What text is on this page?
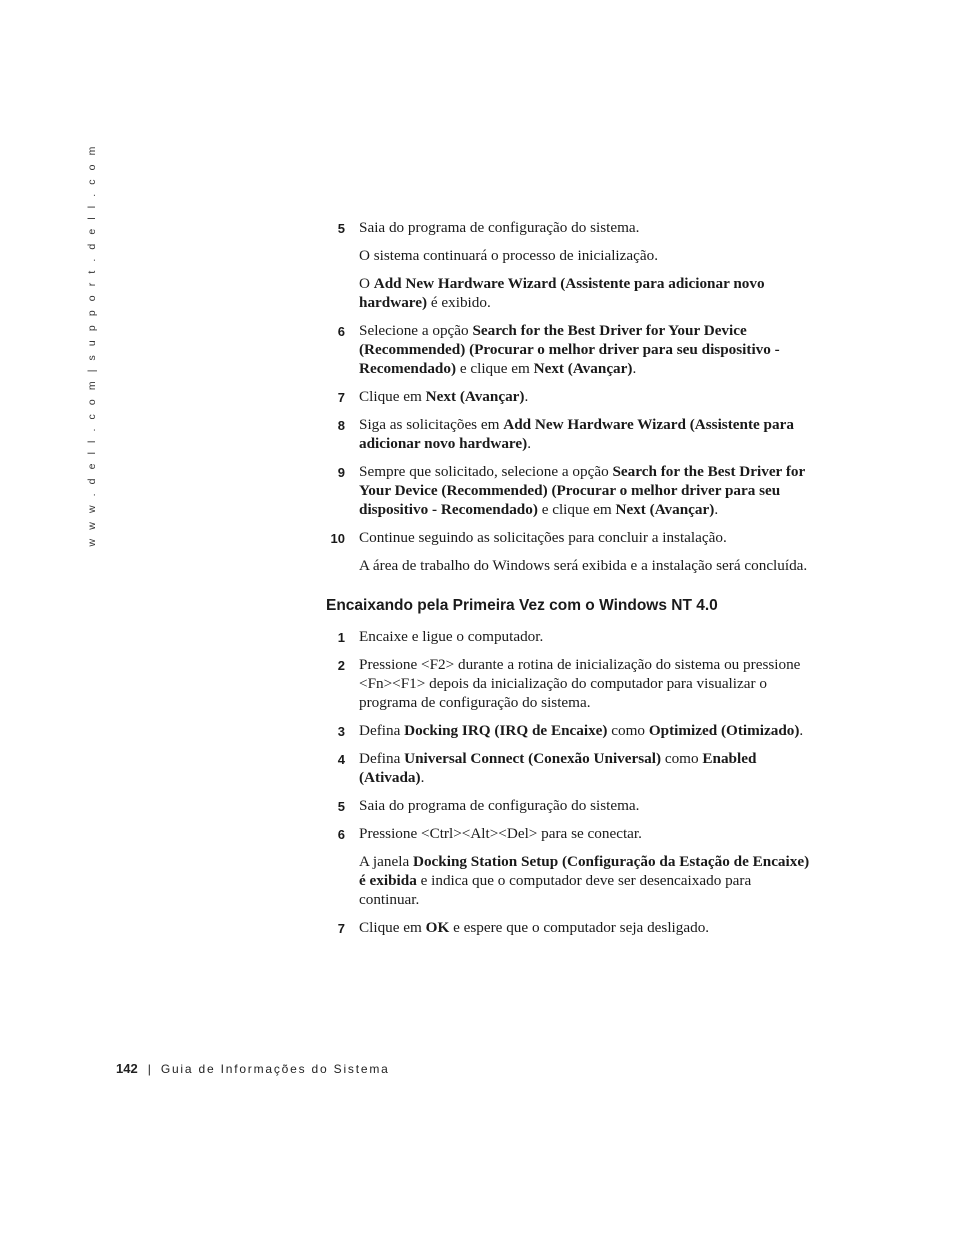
w w w . d e l l . c o m | s u p p o r t . d e l l . c o m	5 Saia do programa de configuração do sistema.

O sistema continuará o processo de inicialização.

O Add New Hardware Wizard (Assistente para adicionar novo hardware) é exibido.

6 Selecione a opção Search for the Best Driver for Your Device (Recommended) (Procurar o melhor driver para seu dispositivo - Recomendado) e clique em Next (Avançar).

7 Clique em Next (Avançar).

8 Siga as solicitações em Add New Hardware Wizard (Assistente para adicionar novo hardware).

9 Sempre que solicitado, selecione a opção Search for the Best Driver for Your Device (Recommended) (Procurar o melhor driver para seu dispositivo - Recomendado) e clique em Next (Avançar).

10 Continue seguindo as solicitações para concluir a instalação.

A área de trabalho do Windows será exibida e a instalação será concluída.

Encaixando pela Primeira Vez com o Windows NT 4.0
1 Encaixe e ligue o computador.

2 Pressione <F2> durante a rotina de inicialização do sistema ou pressione <Fn><F1> depois da inicialização do computador para visualizar o programa de configuração do sistema.

3 Defina Docking IRQ (IRQ de Encaixe) como Optimized (Otimizado).

4 Defina Universal Connect (Conexão Universal) como Enabled (Ativada).

5 Saia do programa de configuração do sistema.

6 Pressione <Ctrl><Alt><Del> para se conectar.

A janela Docking Station Setup (Configuração da Estação de Encaixe) é exibida e indica que o computador deve ser desencaixado para continuar.

7 Clique em OK e espere que o computador seja desligado.

142 | Guia de Informações do Sistema
